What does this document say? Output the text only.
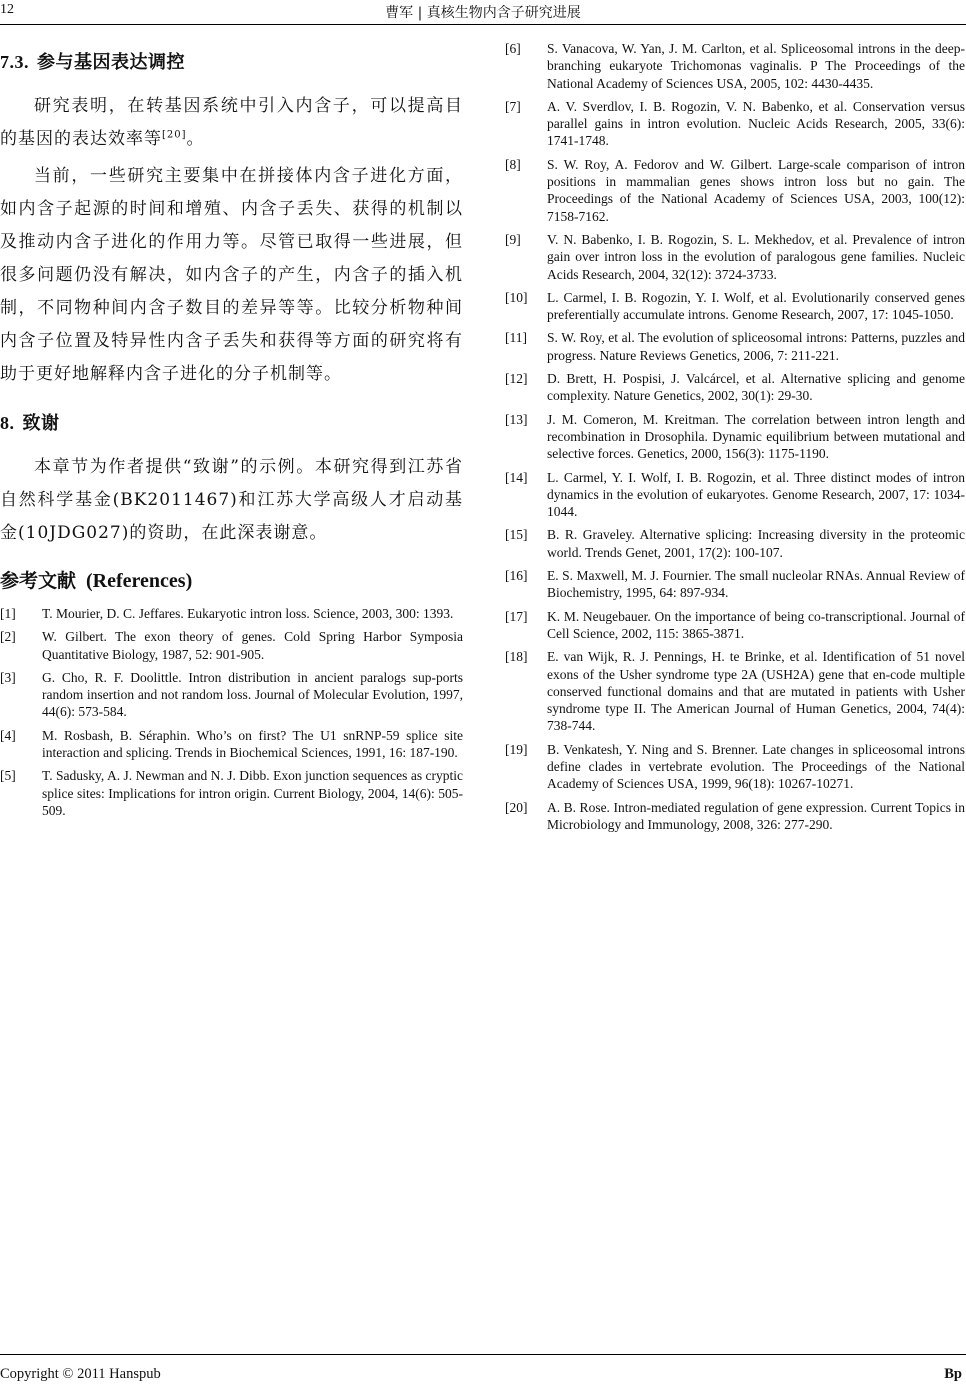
12	曹军 | 真核生物内含子研究进展
7.3. 参与基因表达调控

研究表明，在转基因系统中引入内含子，可以提高目的基因的表达效率等[20]。

当前，一些研究主要集中在拼接体内含子进化方面，如内含子起源的时间和增殖、内含子丢失、获得的机制以及推动内含子进化的作用力等。尽管已取得一些进展，但很多问题仍没有解决，如内含子的产生，内含子的插入机制，不同物种间内含子数目的差异等等。比较分析物种间内含子位置及特异性内含子丢失和获得等方面的研究将有助于更好地解释内含子进化的分子机制等。

8. 致谢

本章节为作者提供“致谢”的示例。本研究得到江苏省自然科学基金(BK2011467)和江苏大学高级人才启动基金(10JDG027)的资助，在此深表谢意。

参考文献 (References)
[1] T. Mourier, D. C. Jeffares. Eukaryotic intron loss. Science, 2003, 300: 1393.
[2] W. Gilbert. The exon theory of genes. Cold Spring Harbor Symposia Quantitative Biology, 1987, 52: 901-905.
[3] G. Cho, R. F. Doolittle. Intron distribution in ancient paralogs sup-ports random insertion and not random loss. Journal of Molecular Evolution, 1997, 44(6): 573-584.
[4] M. Rosbash, B. Séraphin. Who’s on first? The U1 snRNP-59 splice site interaction and splicing. Trends in Biochemical Sciences, 1991, 16: 187-190.
[5] T. Sadusky, A. J. Newman and N. J. Dibb. Exon junction sequences as cryptic splice sites: Implications for intron origin. Current Biology, 2004, 14(6): 505-509.
[6] S. Vanacova, W. Yan, J. M. Carlton, et al. Spliceosomal introns in the deep-branching eukaryote Trichomonas vaginalis. P The Proceedings of the National Academy of Sciences USA, 2005, 102: 4430-4435.
[7] A. V. Sverdlov, I. B. Rogozin, V. N. Babenko, et al. Conservation versus parallel gains in intron evolution. Nucleic Acids Research, 2005, 33(6): 1741-1748.
[8] S. W. Roy, A. Fedorov and W. Gilbert. Large-scale comparison of intron positions in mammalian genes shows intron loss but no gain. The Proceedings of the National Academy of Sciences USA, 2003, 100(12): 7158-7162.
[9] V. N. Babenko, I. B. Rogozin, S. L. Mekhedov, et al. Prevalence of intron gain over intron loss in the evolution of paralogous gene families. Nucleic Acids Research, 2004, 32(12): 3724-3733.
[10] L. Carmel, I. B. Rogozin, Y. I. Wolf, et al. Evolutionarily conserved genes preferentially accumulate introns. Genome Research, 2007, 17: 1045-1050.
[11] S. W. Roy, et al. The evolution of spliceosomal introns: Patterns, puzzles and progress. Nature Reviews Genetics, 2006, 7: 211-221.
[12] D. Brett, H. Pospisi, J. Valcárcel, et al. Alternative splicing and genome complexity. Nature Genetics, 2002, 30(1): 29-30.
[13] J. M. Comeron, M. Kreitman. The correlation between intron length and recombination in Drosophila. Dynamic equilibrium between mutational and selective forces. Genetics, 2000, 156(3): 1175-1190.
[14] L. Carmel, Y. I. Wolf, I. B. Rogozin, et al. Three distinct modes of intron dynamics in the evolution of eukaryotes. Genome Research, 2007, 17: 1034-1044.
[15] B. R. Graveley. Alternative splicing: Increasing diversity in the proteomic world. Trends Genet, 2001, 17(2): 100-107.
[16] E. S. Maxwell, M. J. Fournier. The small nucleolar RNAs. Annual Review of Biochemistry, 1995, 64: 897-934.
[17] K. M. Neugebauer. On the importance of being co-transcriptional. Journal of Cell Science, 2002, 115: 3865-3871.
[18] E. van Wijk, R. J. Pennings, H. te Brinke, et al. Identification of 51 novel exons of the Usher syndrome type 2A (USH2A) gene that en-code multiple conserved functional domains and that are mutated in patients with Usher syndrome type II. The American Journal of Human Genetics, 2004, 74(4): 738-744.
[19] B. Venkatesh, Y. Ning and S. Brenner. Late changes in spliceosomal introns define clades in vertebrate evolution. The Proceedings of the National Academy of Sciences USA, 1999, 96(18): 10267-10271.
[20] A. B. Rose. Intron-mediated regulation of gene expression. Current Topics in Microbiology and Immunology, 2008, 326: 277-290.
Copyright © 2011 Hanspub	Bp
